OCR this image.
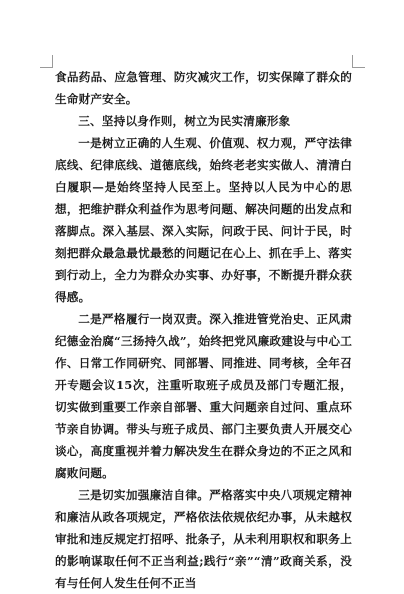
食品药品、应急管理、防灾减灾工作，切实保障了群众的生命财产安全。

三、坚持以身作则，树立为民实清廉形象

一是树立正确的人生观、价值观、权力观，严守法律底线、纪律底线、道德底线，始终老老实实做人、清清白白履职—是始终坚持人民至上。坚持以人民为中心的思想，把维护群众利益作为思考问题、解决问题的出发点和落脚点。深入基层、深入实际，问政于民、问计于民，时刻把群众最急最忧最愁的问题记在心上、抓在手上、落实到行动上，全力为群众办实事、办好事，不断提升群众获得感。

二是严格履行一岗双责。深入推进管党治史、正风肃纪德金治腐“三扬持久战”，始终把党风廉政建设与中心工作、日常工作同研究、同部署、同推进、同考核，全年召开专题会议15次，注重听取班子成员及部门专题汇报，切实做到重要工作亲自部署、重大问题亲自过问、重点环节亲自协调。带头与班子成员、部门主要负责人开展交心谈心，高度重视并着力解决发生在群众身边的不正之风和腐败问题。

三是切实加强廉洁自律。严格落实中央八项规定精神和廉洁从政各项规定，严格依法依规依纪办事，从未越权审批和违反规定打招呼、批条子，从未利用职权和职务上的影响谋取任何不正当利益;践行“亲”“清”政商关系，没有与任何人发生任何不正当
